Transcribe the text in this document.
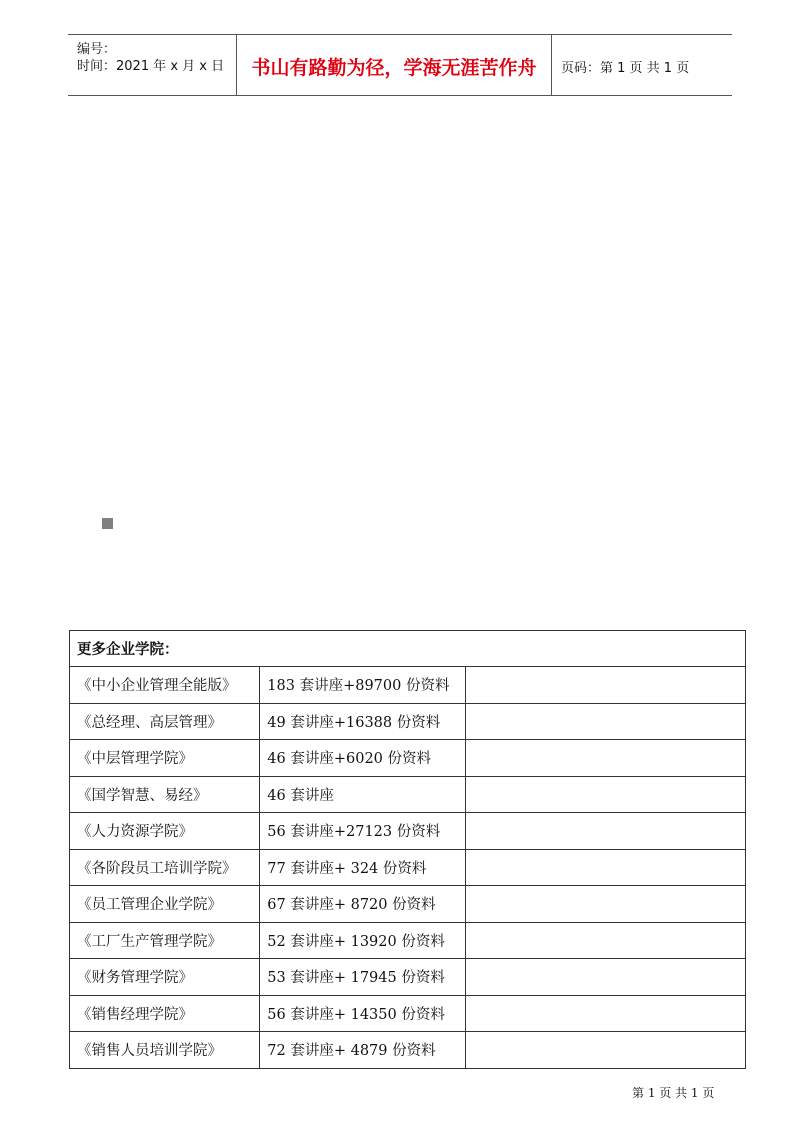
编号：
时间：2021 年 x 月 x 日	书山有路勤为径，学海无涯苦作舟	页码：第 1 页 共 1 页
更多企业学院：		
《中小企业管理全能版》	183 套讲座+89700 份资料	
《总经理、高层管理》	49 套讲座+16388 份资料	
《中层管理学院》	46 套讲座+6020 份资料	
《国学智慧、易经》	46 套讲座	
《人力资源学院》	56 套讲座+27123 份资料	
《各阶段员工培训学院》	77 套讲座+ 324 份资料	
《员工管理企业学院》	67 套讲座+ 8720 份资料	
《工厂生产管理学院》	52 套讲座+ 13920 份资料	
《财务管理学院》	53 套讲座+ 17945 份资料	
《销售经理学院》	56 套讲座+ 14350 份资料	
《销售人员培训学院》	72 套讲座+ 4879 份资料	
第 1 页 共 1 页
